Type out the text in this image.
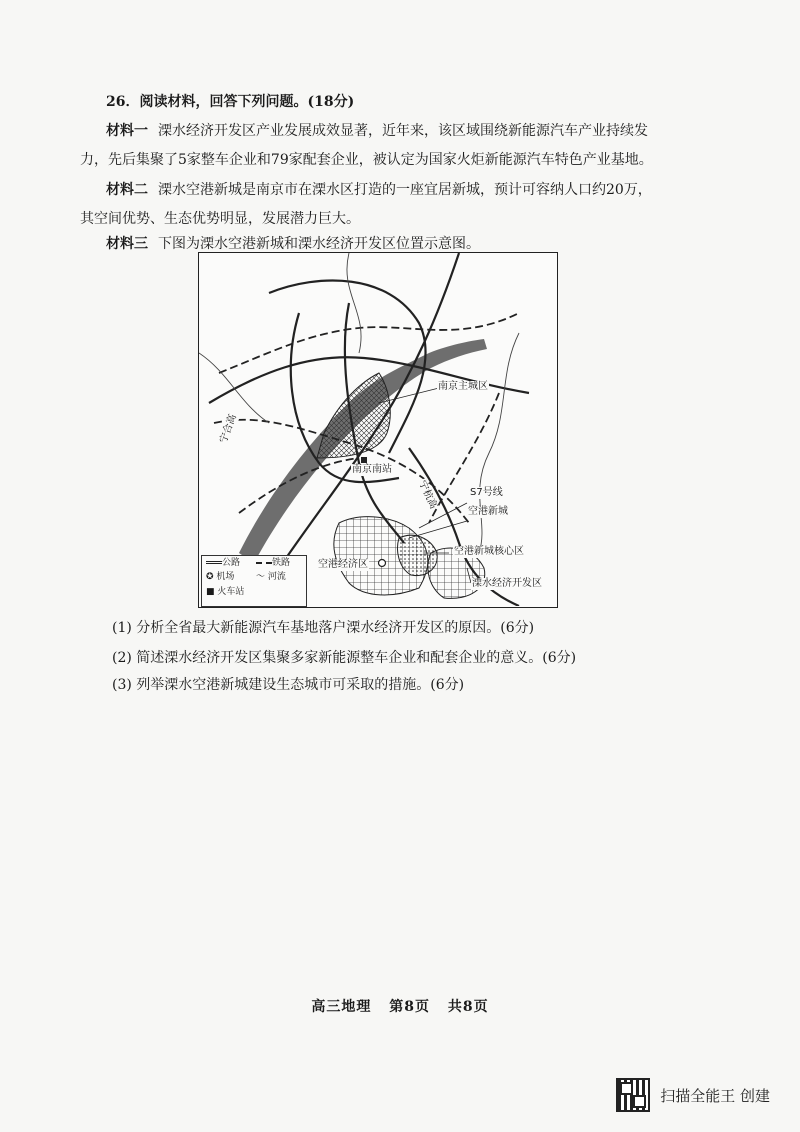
26．阅读材料，回答下列问题。(18分)
材料一 溧水经济开发区产业发展成效显著，近年来，该区域围绕新能源汽车产业持续发
力，先后集聚了5家整车企业和79家配套企业，被认定为国家火炬新能源汽车特色产业基地。
材料二 溧水空港新城是南京市在溧水区打造的一座宜居新城，预计可容纳人口约20万，
其空间优势、生态优势明显，发展潜力巨大。
材料三 下图为溧水空港新城和溧水经济开发区位置示意图。
南京主城区
南京南站
宁合高
宁杭高	S7号线
空港新城
空港新城核心区
空港经济区
溧水经济开发区
公路	铁路
✪ 机场 〜 河流
■ 火车站
(1) 分析全省最大新能源汽车基地落户溧水经济开发区的原因。(6分)
(2) 简述溧水经济开发区集聚多家新能源整车企业和配套企业的意义。(6分)
(3) 列举溧水空港新城建设生态城市可采取的措施。(6分)
高三地理 第8页 共8页
扫描全能王 创建
